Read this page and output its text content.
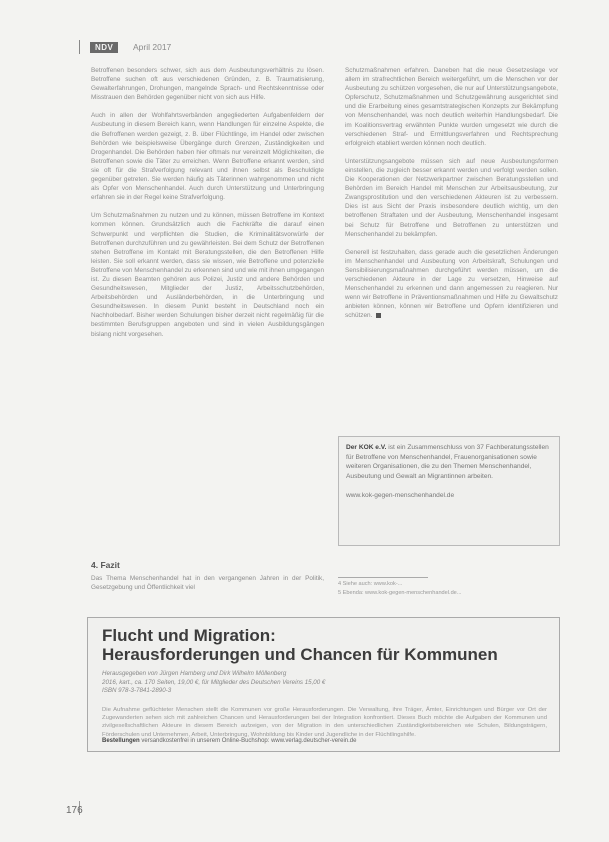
NDV	April 2017

Betroffenen besonders schwer, sich aus dem Ausbeutungsverhältnis zu lösen. Betroffene suchen oft aus verschiedenen Gründen, z. B. Traumatisierung, Gewalterfahrungen, Drohungen, mangelnde Sprach- und Rechtskenntnisse oder Misstrauen den Behörden gegenüber nicht von sich aus Hilfe.

Auch in allen der Wohlfahrtsverbänden angegliederten Aufgabenfeldern der Ausbeutung in diesem Bereich kann, wenn Handlungen für einzelne Aspekte, die die Befroffenen werden gezeigt, z. B. über Flüchtlinge, im Handel oder zwischen Behörden wie beispielsweise Übergänge durch Grenzen, Zuständigkeiten und Drogenhandel. Die Behörden haben hier oftmals nur vereinzelt Möglichkeiten, die Betroffenen sowie die Täter zu erreichen. Wenn Betroffene erkannt werden, sind sie oft für die Strafverfolgung relevant und ihnen selbst als Beschuldigte gegenüber getreten. Sie werden häufig als Täterinnen wahrgenommen und nicht als Opfer von Menschenhandel. Auch durch Unterstützung und Unterbringung erfahren sie in der Regel keine Strafverfolgung.

Um Schutzmaßnahmen zu nutzen und zu können, müssen Betroffene im Kontext kommen können. Grundsätzlich auch die Fachkräfte die darauf einen Schwerpunkt und verpflichten die Studien, die Kriminalitätsvorwürfe der Betroffenen durchzuführen und zu gewährleisten. Bei dem Schutz der Betroffenen stehen Betroffene im Kontakt mit Beratungsstellen, die den Betroffenen Hilfe leisten. Sie soll erkannt werden, dass sie wissen, wie Betroffene und potenzielle Betroffene von Menschenhandel zu erkennen sind und wie mit ihnen umgegangen ist. Zu diesen Beamten gehören aus Polizei, Justiz und andere Behörden und Gesundheitswesen, Mitglieder der Justiz, Arbeitsschutzbehörden, Arbeitsbehörden und Ausländerbehörden, in die Unterbringung und Gesundheitswesen. In diesem Punkt besteht in Deutschland noch ein Nachholbedarf. Bisher werden Schulungen bisher derzeit nicht regelmäßig für die bestimmten Berufsgruppen angeboten und sind in vielen Ausbildungsgängen bislang nicht vorgesehen.

4. Fazit
Das Thema Menschenhandel hat in den vergangenen Jahren in der Politik, Gesetzgebung und Öffentlichkeit viel

Schutzmaßnahmen erfahren. Daneben hat die neue Gesetzeslage vor allem im strafrechtlichen Bereich weitergeführt, um die Menschen vor der Ausbeutung zu schützen vorgesehen, die nur auf Unterstützungsangebote, Opferschutz, Schutzmaßnahmen und Schutzgewährung ausgerichtet sind und die Erarbeitung eines gesamtstrategischen Konzepts zur Bekämpfung von Menschenhandel, was noch deutlich weiterhin Handlungsbedarf. Die im Koalitionsvertrag erwähnten Punkte wurden umgesetzt wie durch die verschiedenen Straf- und Ermittlungsverfahren und Rechtsprechung erfolgreich etabliert werden können noch deutlich.

Unterstützungsangebote müssen sich auf neue Ausbeutungsformen einstellen, die zugleich besser erkannt werden und verfolgt werden sollen. Die Kooperationen der Netzwerkpartner zwischen Beratungsstellen und Behörden im Bereich Handel mit Menschen zur Arbeitsausbeutung, zur Zwangsprostitution und den verschiedenen Akteuren ist zu verbessern. Dies ist aus Sicht der Praxis insbesondere deutlich wichtig, um den betroffenen Straftaten und der Ausbeutung, Menschenhandel insgesamt bei Schutz für Betroffene und Betroffenen zu unterstützen und Menschenhandel zu bekämpfen.

Generell ist festzuhalten, dass gerade auch die gesetzlichen Änderungen im Menschenhandel und Ausbeutung von Arbeitskraft, Schulungen und Sensibilisierungsmaßnahmen durchgeführt werden müssen, um die verschiedenen Akteure in der Lage zu versetzen, Hinweise auf Menschenhandel zu erkennen und dann angemessen zu reagieren. Nur wenn wir Betroffene in Präventionsmaßnahmen und Hilfe zu Gewaltschutz anbieten können, können wir Betroffene und Opfern identifizieren und schützen.

Der KOK e.V. ist ein Zusammenschluss von 37 Fachberatungsstellen für Betroffene von Menschenhandel, Frauenorganisationen sowie weiteren Organisationen, die zu den Themen Menschenhandel, Ausbeutung und Gewalt an Migrantinnen arbeiten.

www.kok-gegen-menschenhandel.de
4 Siehe auch: www.kok-...
5 Ebenda: www.kok-gegen-menschenhandel.de...
Flucht und Migration:
Herausforderungen und Chancen für Kommunen
Herausgegeben von Jürgen Hamberg und Dirk Wilhelm Möllenberg
2016, kart., ca. 170 Seiten, 19,00 €, für Mitglieder des Deutschen Vereins 15,00 €
ISBN 978-3-7841-2890-3
Die Aufnahme geflüchteter Menschen stellt die Kommunen vor große Herausforderungen. Die Verwaltung, ihre Träger, Ämter, Einrichtungen und Bürger vor Ort der Zugewanderten sehen sich mit zahlreichen Chancen und Herausforderungen bei der Integration konfrontiert. Dieses Buch möchte die Aufgaben der Kommunen und zivilgesellschaftlichen Akteure in diesem Bereich aufzeigen, von der Migration in den unterschiedlichen Zuständigkeitsbereichen wie Schulen, Bildungsträgern, Förderschulen und Unternehmen, Arbeit, Unterbringung, Wohnbildung bis Kinder und Jugendliche in der Flüchtlingshilfe.
Bestellungen versandkostenfrei in unserem Online-Buchshop: www.verlag.deutscher-verein.de
176
